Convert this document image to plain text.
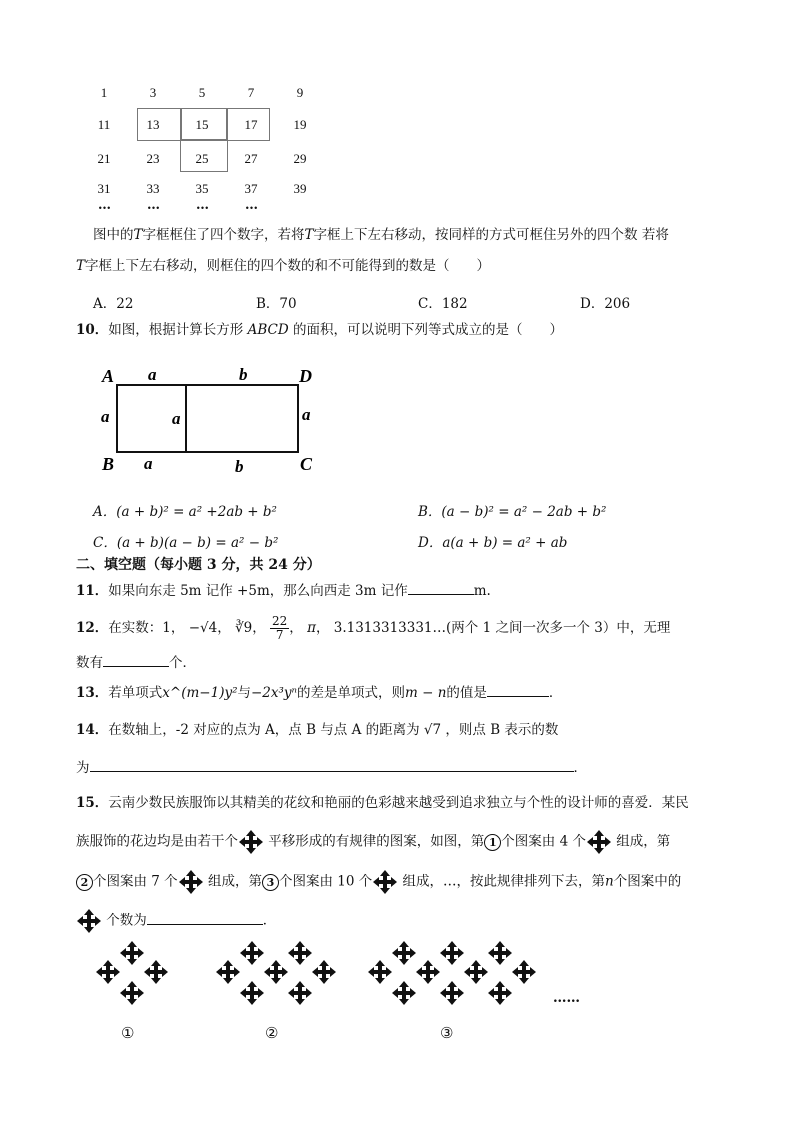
1	3	5	7	9
11	13	15	17	19
21	23	25	27	29
31	33	35	37	39
…	…	…	…
图中的T字框框住了四个数字，若将T字框上下左右移动，按同样的方式可框住另外的四个数 若将
T字框上下左右移动，则框住的四个数的和不可能得到的数是（　　）
A．22	B．70	C．182	D．206
10．如图，根据计算长方形 ABCD 的面积，可以说明下列等式成立的是（　　）
A
B	C
D
a	b
a	a	a
a	b
A．(a + b)² = a² +2ab + b²	B．(a − b)² = a² − 2ab + b²
C．(a + b)(a − b) = a² − b²	D．a(a + b) = a² + ab
二、填空题（每小题 3 分，共 24 分）
11．如果向东走 5m 记作 +5m，那么向西走 3m 记作	m.
12．在实数：1， −√4， ∛9， $\frac{22}{7}$ ， π， 3.1313313331…(两个 1 之间一次多一个 3）中，无理
数有	个．
13．若单项式x^(m−1)y²与−2x³yⁿ的差是单项式，则m − n的值是	．
14．在数轴上，-2 对应的点为 A，点 B 与点 A 的距离为 √7 ，则点 B 表示的数
为	．
15．云南少数民族服饰以其精美的花纹和艳丽的色彩越来越受到追求独立与个性的设计师的喜爱．某民
族服饰的花边均是由若干个 平移形成的有规律的图案，如图，第 1 个图案由 4 个 组成，第
2 个图案由 7 个 组成，第 3 个图案由 10 个 组成，…，按此规律排列下去，第n个图案中的
个数为	．
……
①	②	③
